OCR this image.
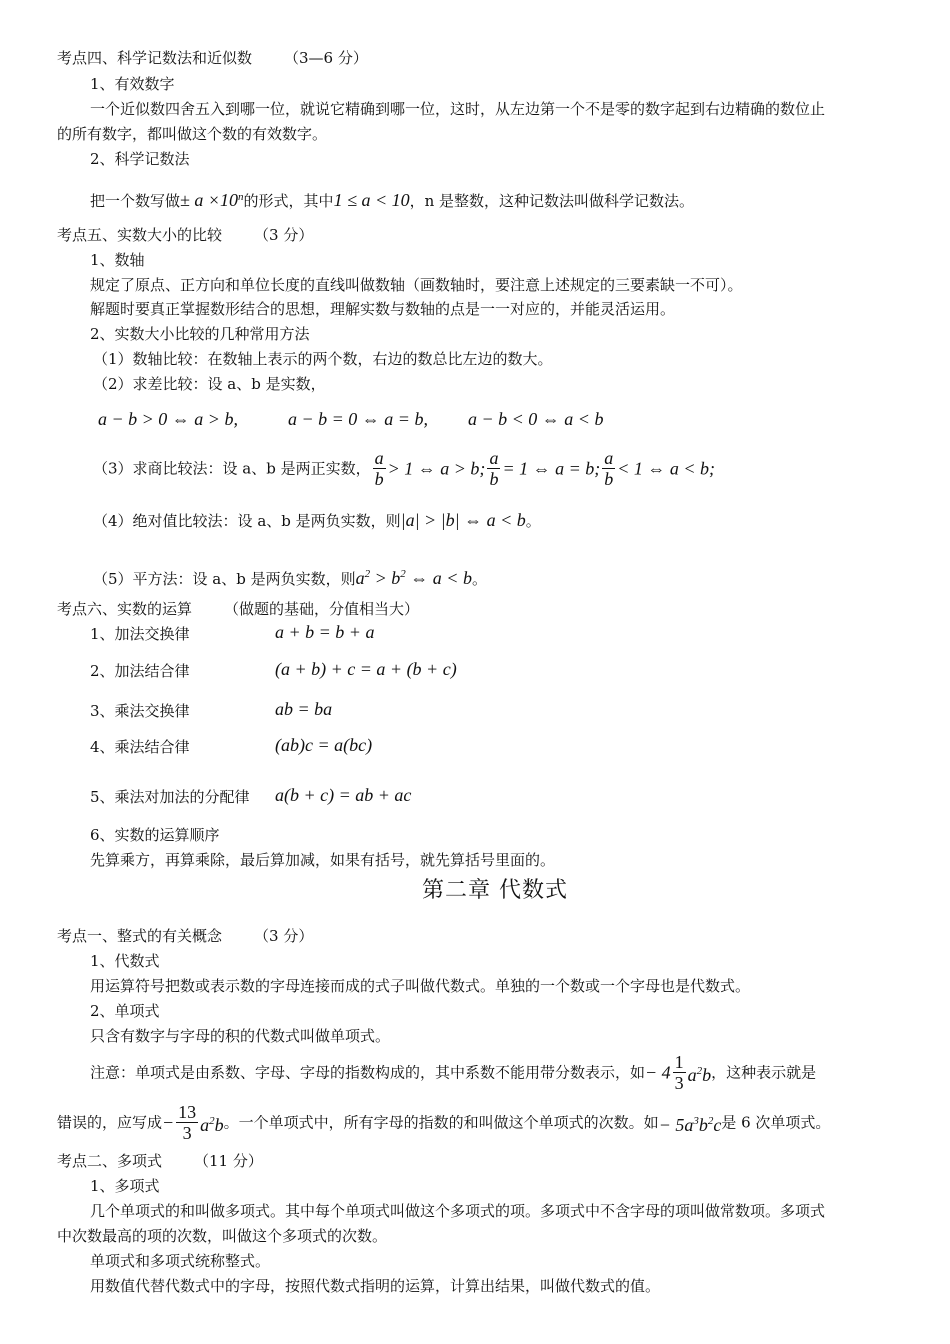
考点四、科学记数法和近似数 （3—6 分）
1、有效数字
一个近似数四舍五入到哪一位，就说它精确到哪一位，这时，从左边第一个不是零的数字起到右边精确的数位止
的所有数字，都叫做这个数的有效数字。
2、科学记数法
把一个数写做± $a \times 10^n$的形式，其中1 ≤ a < 10，n 是整数，这种记数法叫做科学记数法。
考点五、实数大小的比较 （3 分）
1、数轴
规定了原点、正方向和单位长度的直线叫做数轴（画数轴时，要注意上述规定的三要素缺一不可）。
解题时要真正掌握数形结合的思想，理解实数与数轴的点是一一对应的，并能灵活运用。
2、实数大小比较的几种常用方法
（1）数轴比较：在数轴上表示的两个数，右边的数总比左边的数大。
（2）求差比较：设 a、b 是实数，
a − b > 0 ⇔ a > b,	a − b = 0 ⇔ a = b, a − b < 0 ⇔ a < b
（3）求商比较法：设 a、b 是两正实数， $\frac{a}{b} > 1$ ⇔ a > b; $\frac{a}{b} = 1$ ⇔ a = b; $\frac{a}{b} < 1$ ⇔ a < b;
（4）绝对值比较法：设 a、b 是两负实数，则|a| > |b| ⇔ a < b。
（5）平方法：设 a、b 是两负实数，则$a^2 > b^2$ ⇔ a < b。
考点六、实数的运算 （做题的基础，分值相当大）
1、加法交换律	a + b = b + a
2、加法结合律	(a + b) + c = a + (b + c)
3、乘法交换律	ab = ba
4、乘法结合律	(ab)c = a(bc)
5、乘法对加法的分配律 a(b + c) = ab + ac
6、实数的运算顺序
先算乘方，再算乘除，最后算加减，如果有括号，就先算括号里面的。
第二章 代数式
考点一、整式的有关概念 （3 分）
1、代数式
用运算符号把数或表示数的字母连接而成的式子叫做代数式。单独的一个数或一个字母也是代数式。
2、单项式
只含有数字与字母的积的代数式叫做单项式。
注意：单项式是由系数、字母、字母的指数构成的，其中系数不能用带分数表示，如− $4 \frac{1}{3} a^2b$，这种表示就是
错误的，应写成− $\frac{13}{3} a^2b$。一个单项式中，所有字母的指数的和叫做这个单项式的次数。如− $5a^3b^2c$是 6 次单项式。
考点二、多项式 （11 分）
1、多项式
几个单项式的和叫做多项式。其中每个单项式叫做这个多项式的项。多项式中不含字母的项叫做常数项。多项式
中次数最高的项的次数，叫做这个多项式的次数。
单项式和多项式统称整式。
用数值代替代数式中的字母，按照代数式指明的运算，计算出结果，叫做代数式的值。
